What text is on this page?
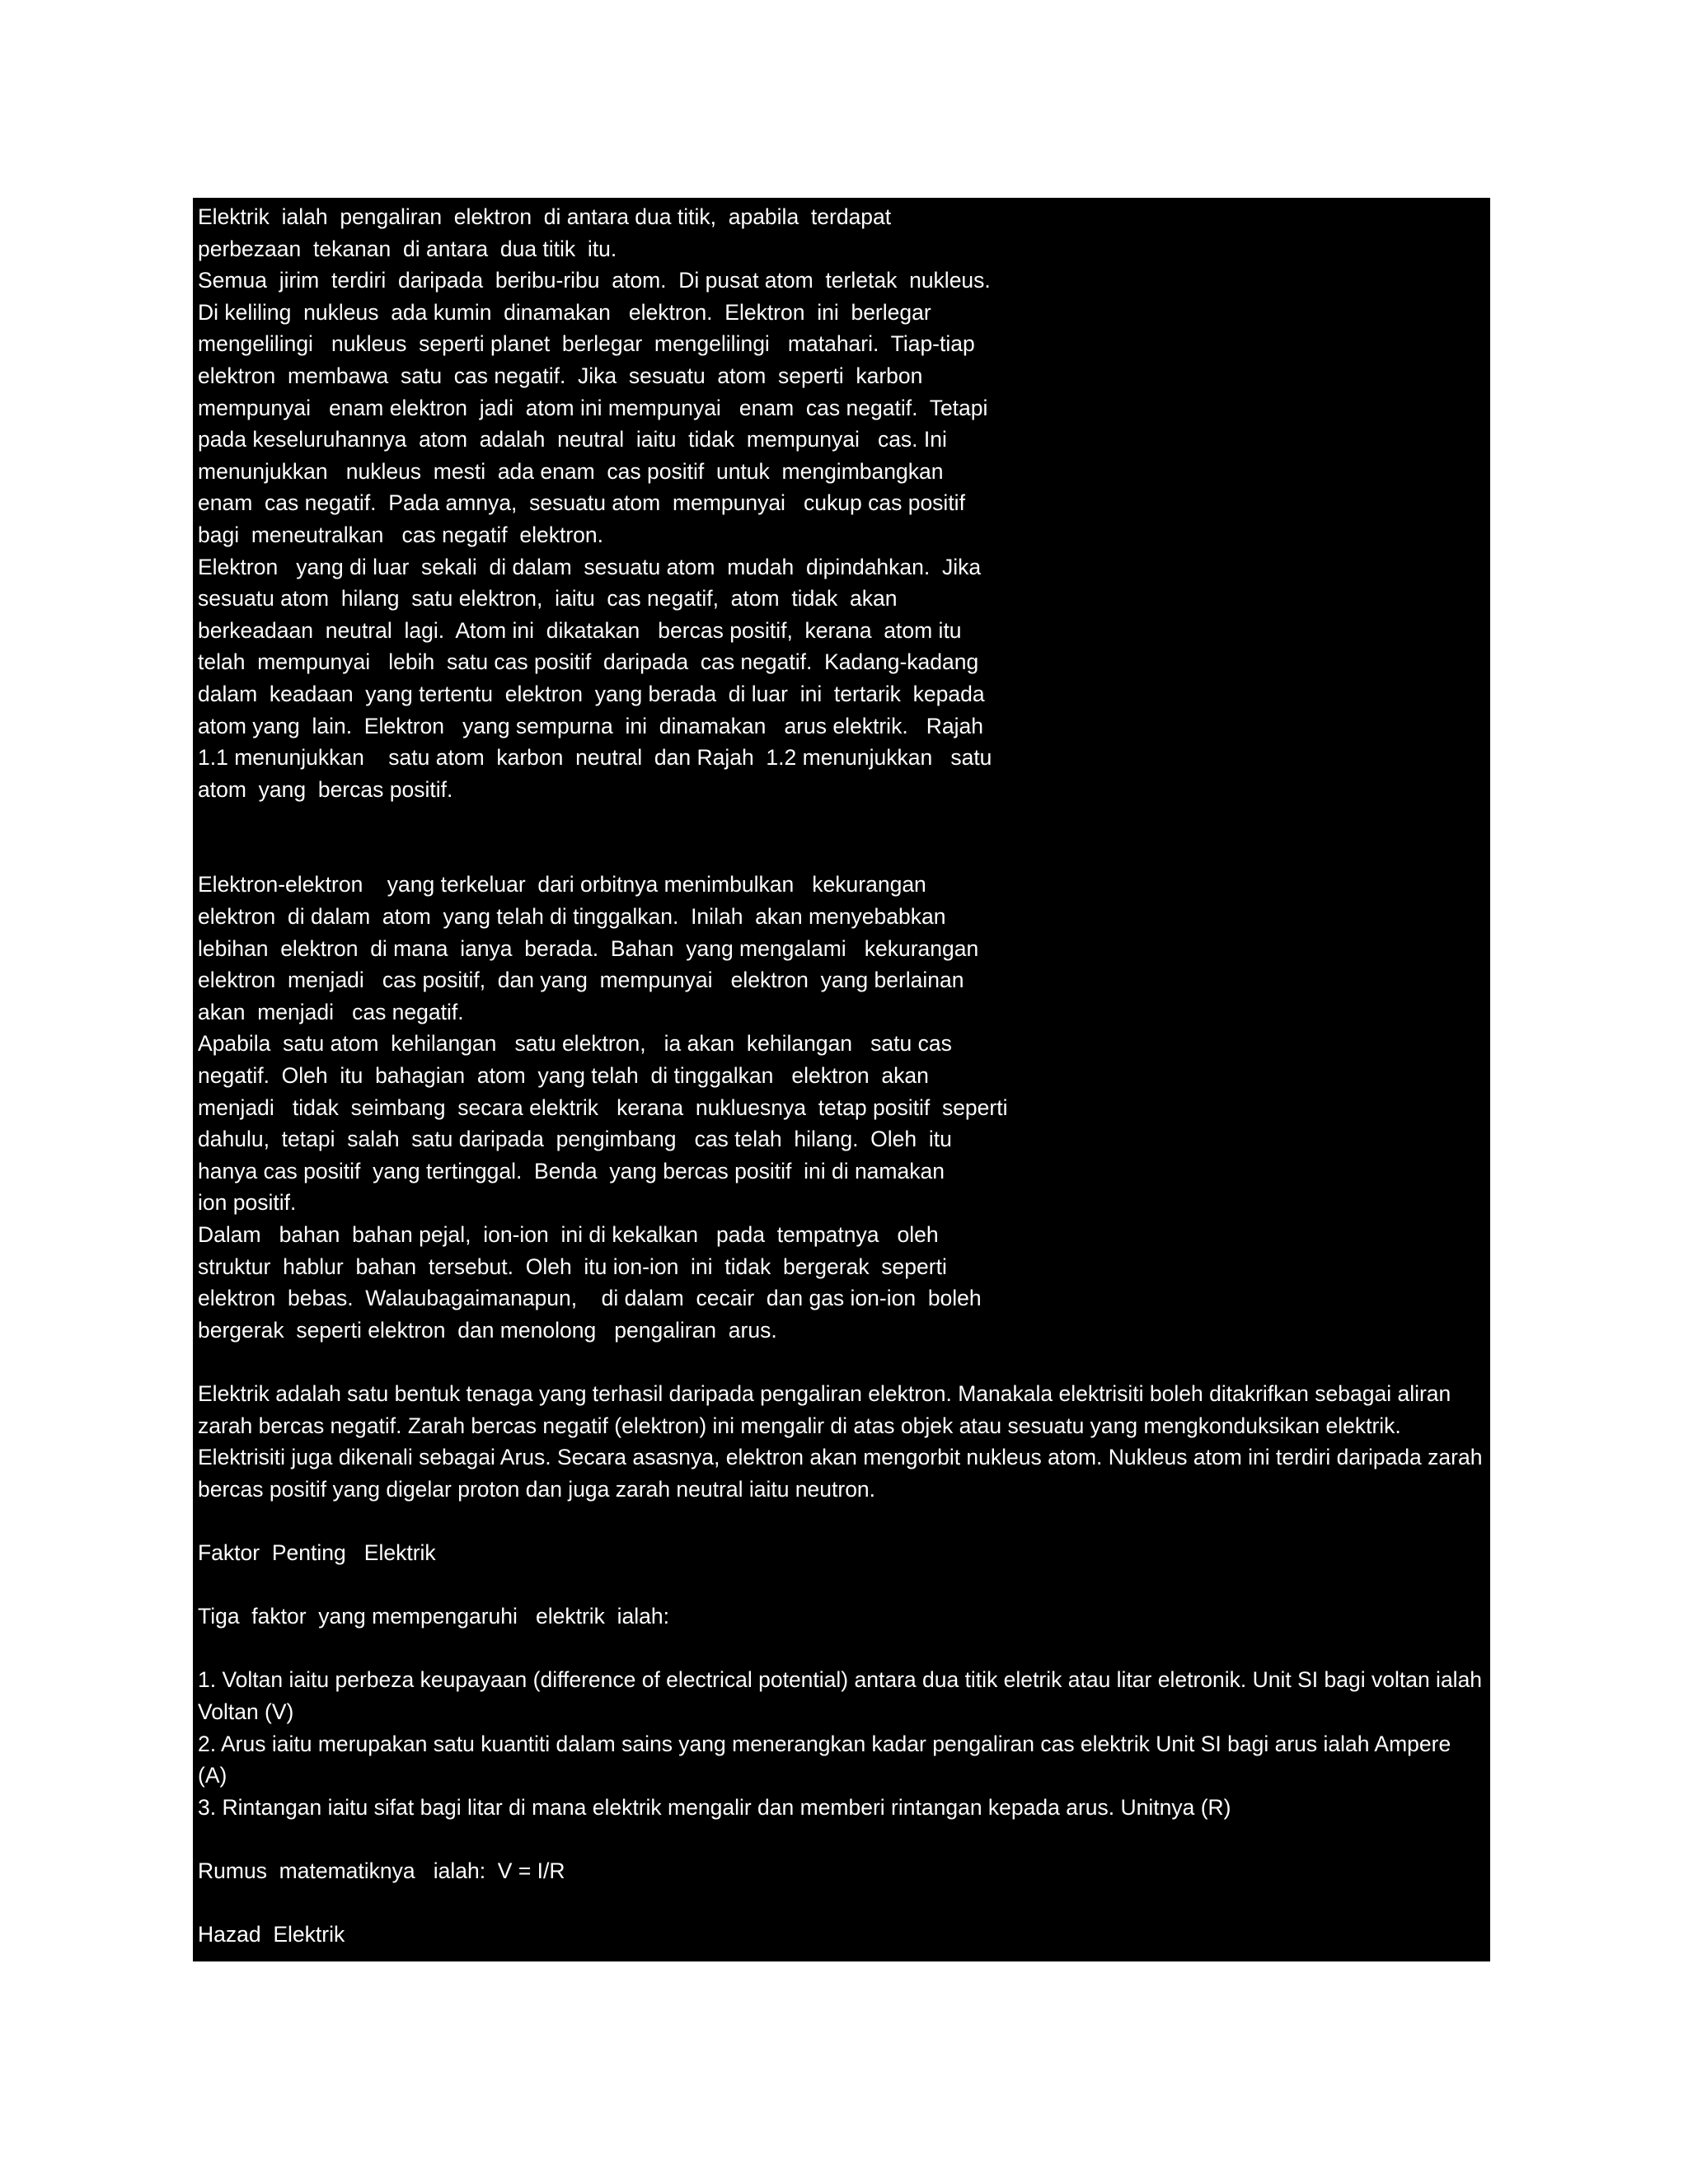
Elektrik  ialah  pengaliran  elektron  di antara dua titik,  apabila  terdapat
perbezaan  tekanan  di antara  dua titik  itu.
Semua  jirim  terdiri  daripada  beribu-ribu  atom.  Di pusat atom  terletak  nukleus.
Di keliling  nukleus  ada kumin  dinamakan   elektron.  Elektron  ini  berlegar
mengelilingi   nukleus  seperti planet  berlegar  mengelilingi   matahari.  Tiap-tiap
elektron  membawa  satu  cas negatif.  Jika  sesuatu  atom  seperti  karbon
mempunyai   enam elektron  jadi  atom ini mempunyai   enam  cas negatif.  Tetapi
pada keseluruhannya  atom  adalah  neutral  iaitu  tidak  mempunyai   cas. Ini
menunjukkan   nukleus  mesti  ada enam  cas positif  untuk  mengimbangkan
enam  cas negatif.  Pada amnya,  sesuatu atom  mempunyai   cukup cas positif
bagi  meneutralkan   cas negatif  elektron.
Elektron   yang di luar  sekali  di dalam  sesuatu atom  mudah  dipindahkan.  Jika
sesuatu atom  hilang  satu elektron,  iaitu  cas negatif,  atom  tidak  akan
berkeadaan  neutral  lagi.  Atom ini  dikatakan   bercas positif,  kerana  atom itu
telah  mempunyai   lebih  satu cas positif  daripada  cas negatif.  Kadang-kadang
dalam  keadaan  yang tertentu  elektron  yang berada  di luar  ini  tertarik  kepada
atom yang  lain.  Elektron   yang sempurna  ini  dinamakan   arus elektrik.   Rajah
1.1 menunjukkan    satu atom  karbon  neutral  dan Rajah  1.2 menunjukkan   satu
atom  yang  bercas positif.
Elektron-elektron    yang terkeluar  dari orbitnya menimbulkan   kekurangan
elektron  di dalam  atom  yang telah di tinggalkan.  Inilah  akan menyebabkan
lebihan  elektron  di mana  ianya  berada.  Bahan  yang mengalami   kekurangan
elektron  menjadi   cas positif,  dan yang  mempunyai   elektron  yang berlainan
akan  menjadi   cas negatif.
Apabila  satu atom  kehilangan   satu elektron,   ia akan  kehilangan   satu cas
negatif.  Oleh  itu  bahagian  atom  yang telah  di tinggalkan   elektron  akan
menjadi   tidak  seimbang  secara elektrik   kerana  nukluesnya  tetap positif  seperti
dahulu,  tetapi  salah  satu daripada  pengimbang   cas telah  hilang.  Oleh  itu
hanya cas positif  yang tertinggal.  Benda  yang bercas positif  ini di namakan
ion positif.
Dalam   bahan  bahan pejal,  ion-ion  ini di kekalkan   pada  tempatnya   oleh
struktur  hablur  bahan  tersebut.  Oleh  itu ion-ion  ini  tidak  bergerak  seperti
elektron  bebas.  Walaubagaimanapun,    di dalam  cecair  dan gas ion-ion  boleh
bergerak  seperti elektron  dan menolong   pengaliran  arus.
Elektrik adalah satu bentuk tenaga yang terhasil daripada pengaliran elektron. Manakala elektrisiti boleh ditakrifkan sebagai aliran zarah bercas negatif. Zarah bercas negatif (elektron) ini mengalir di atas objek atau sesuatu yang mengkonduksikan elektrik. Elektrisiti juga dikenali sebagai Arus. Secara asasnya, elektron akan mengorbit nukleus atom. Nukleus atom ini terdiri daripada zarah bercas positif yang digelar proton dan juga zarah neutral iaitu neutron.
Faktor  Penting   Elektrik
Tiga  faktor  yang mempengaruhi   elektrik  ialah:
1. Voltan iaitu perbeza keupayaan (difference of electrical potential) antara dua titik eletrik atau litar eletronik. Unit SI bagi voltan ialah Voltan (V)
2. Arus iaitu merupakan satu kuantiti dalam sains yang menerangkan kadar pengaliran cas elektrik Unit SI bagi arus ialah Ampere (A)
3. Rintangan iaitu sifat bagi litar di mana elektrik mengalir dan memberi rintangan kepada arus. Unitnya (R)
Rumus  matematiknya   ialah:  V = I/R
Hazad  Elektrik
